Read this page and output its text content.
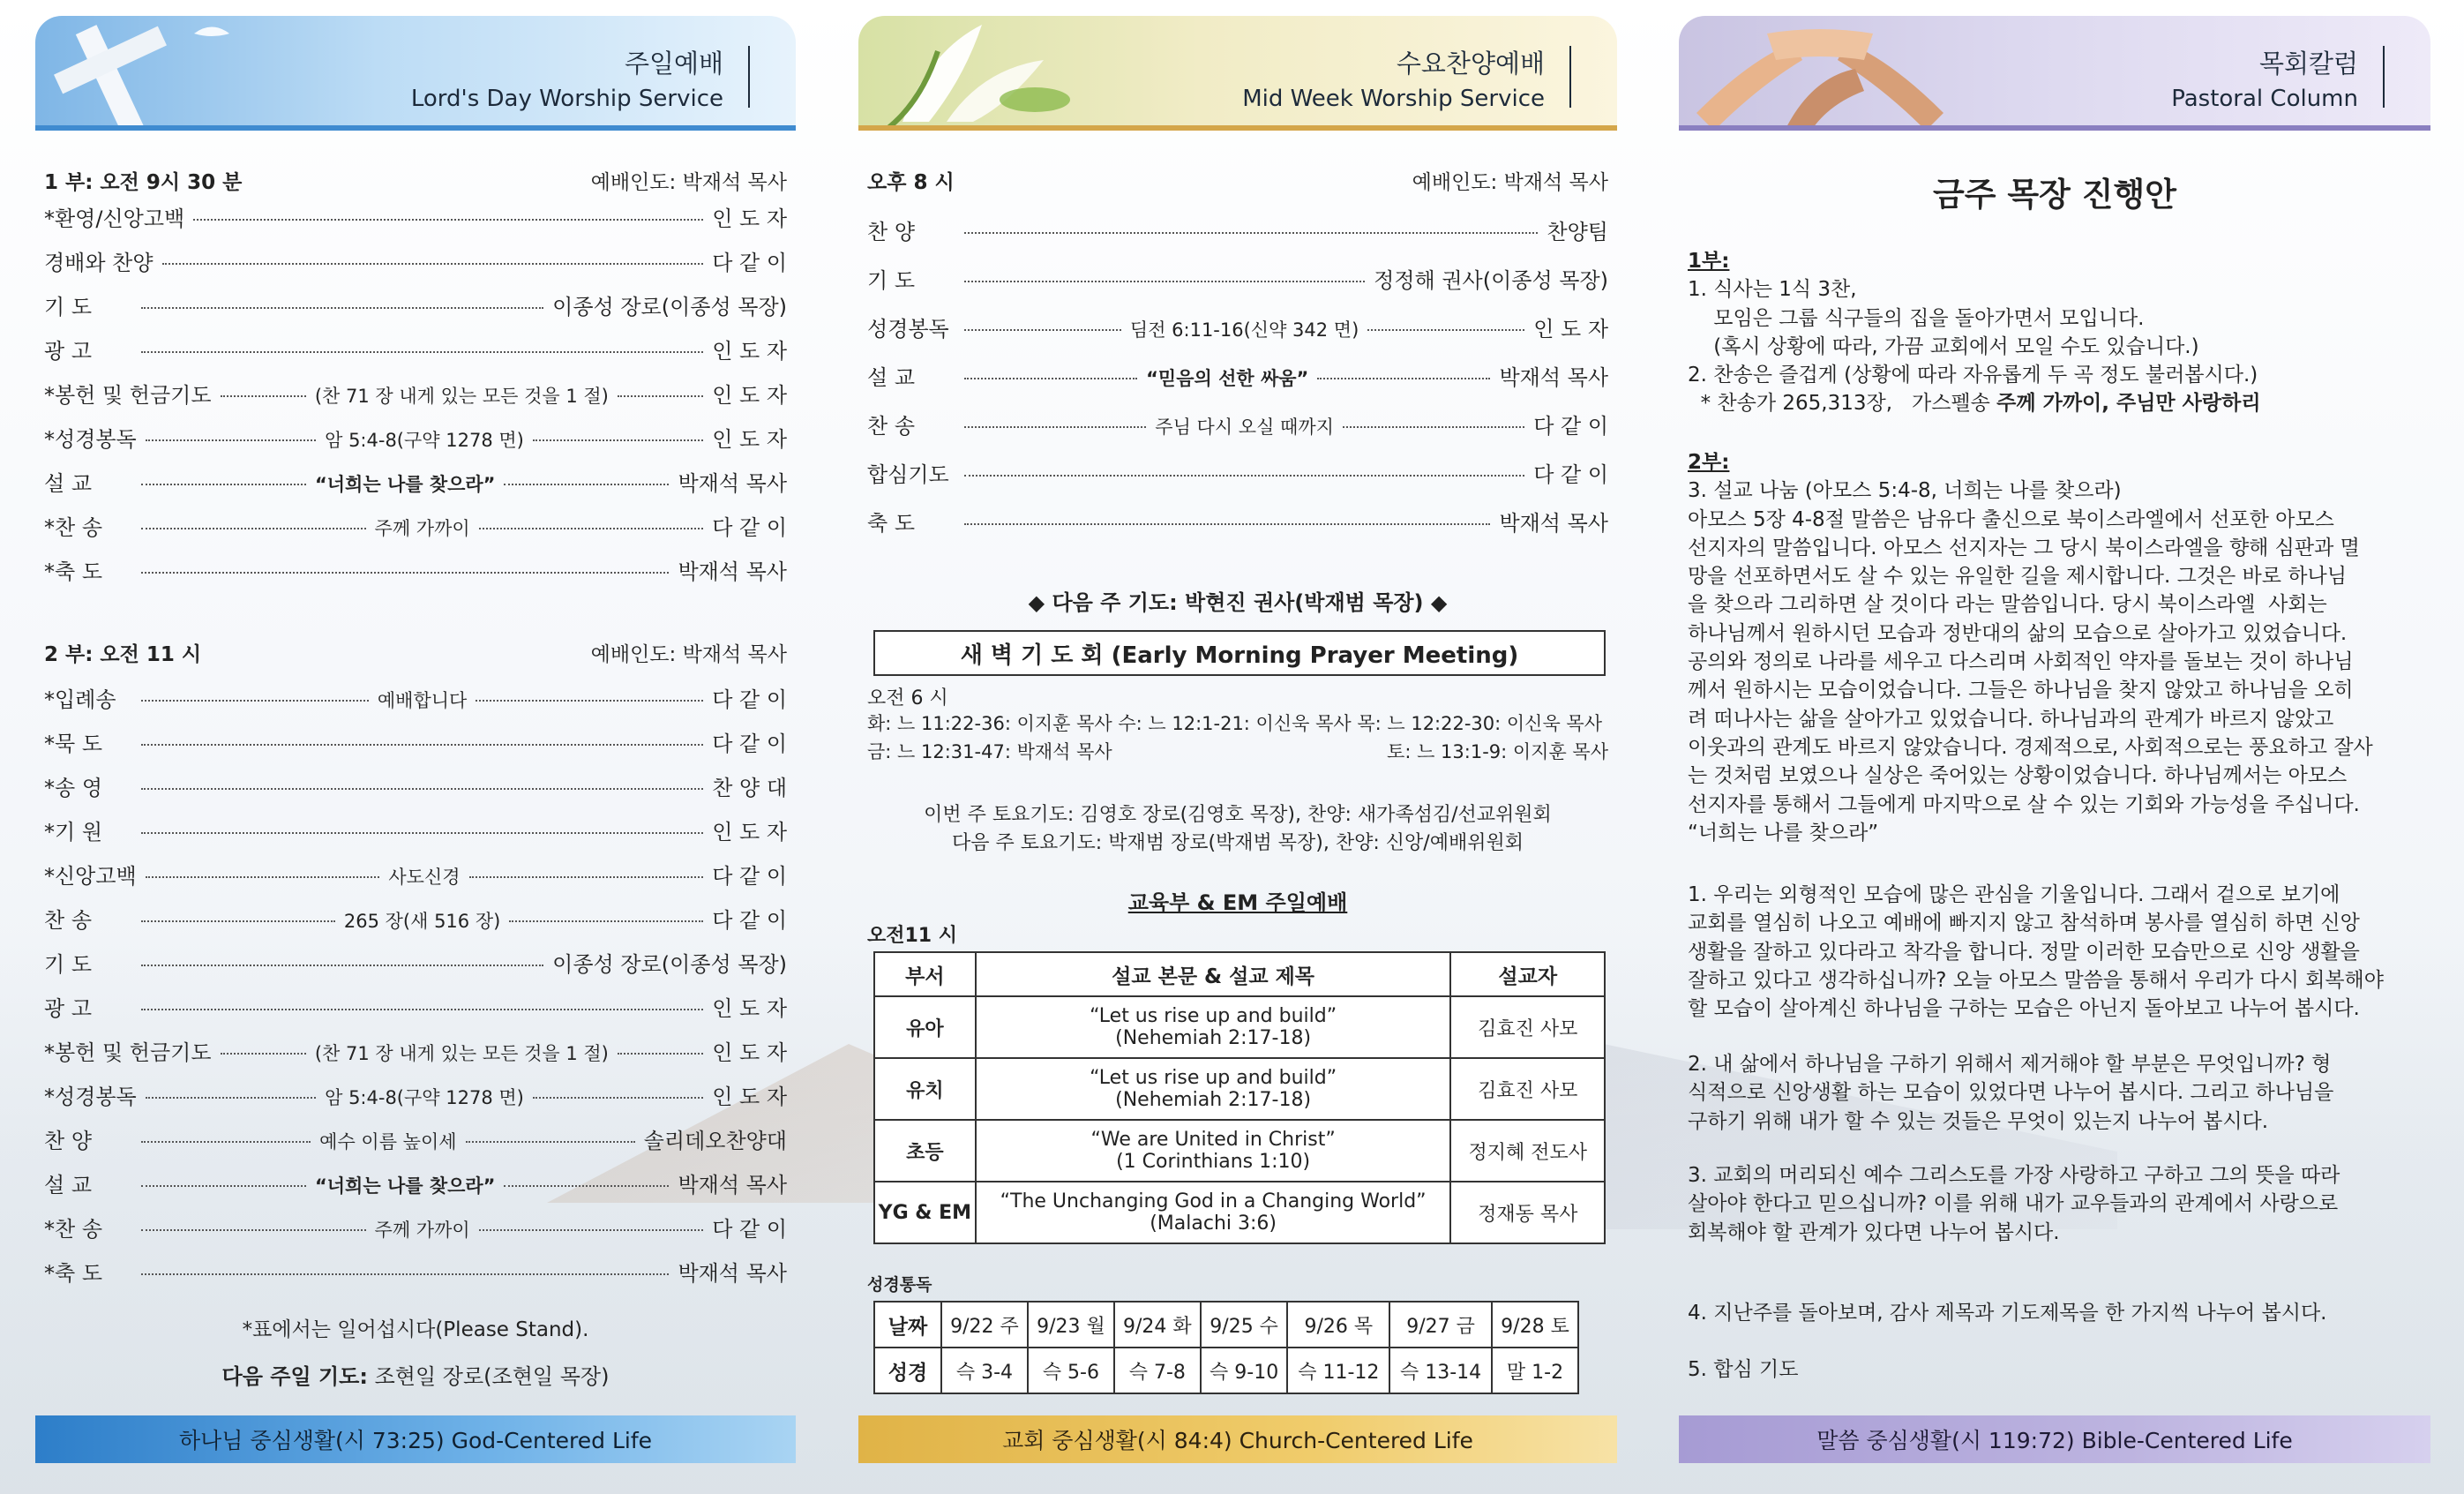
주일예배
Lord's Day Worship Service
1 부: 오전 9시 30 분	예배인도: 박재석 목사
*환영/신앙고백	인 도 자
경배와 찬양	다 같 이
기 도	이종성 장로(이종성 목장)
광 고	인 도 자
*봉헌 및 헌금기도	(찬 71 장 내게 있는 모든 것을 1 절)	인 도 자
*성경봉독	암 5:4-8(구약 1278 면)	인 도 자
설 교	“너희는 나를 찾으라”	박재석 목사
*찬 송	주께 가까이	다 같 이
*축 도	박재석 목사
2 부: 오전 11 시	예배인도: 박재석 목사
*입례송	예배합니다	다 같 이
*묵 도	다 같 이
*송 영	찬 양 대
*기 원	인 도 자
*신앙고백	사도신경	다 같 이
찬 송	265 장(새 516 장)	다 같 이
기 도	이종성 장로(이종성 목장)
광 고	인 도 자
*봉헌 및 헌금기도	(찬 71 장 내게 있는 모든 것을 1 절)	인 도 자
*성경봉독	암 5:4-8(구약 1278 면)	인 도 자
찬 양	예수 이름 높이세	솔리데오찬양대
설 교	“너희는 나를 찾으라”	박재석 목사
*찬 송	주께 가까이	다 같 이
*축 도	박재석 목사
*표에서는 일어섭시다(Please Stand).
다음 주일 기도: 조현일 장로(조현일 목장)
하나님 중심생활(시 73:25) God-Centered Life
수요찬양예배
Mid Week Worship Service
오후 8 시	예배인도: 박재석 목사
찬 양	찬양팀
기 도	정정해 권사(이종성 목장)
성경봉독	딤전 6:11-16(신약 342 면)	인 도 자
설 교	“믿음의 선한 싸움”	박재석 목사
찬 송	주님 다시 오실 때까지	다 같 이
합심기도	다 같 이
축 도	박재석 목사
◆ 다음 주 기도: 박현진 권사(박재범 목장) ◆
새 벽 기 도 회 (Early Morning Prayer Meeting)
오전 6 시
화: 느 11:22-36: 이지훈 목사 수: 느 12:1-21: 이신욱 목사 목: 느 12:22-30: 이신욱 목사
금: 느 12:31-47: 박재석 목사	토: 느 13:1-9: 이지훈 목사
이번 주 토요기도: 김영호 장로(김영호 목장), 찬양: 새가족섬김/선교위원회
다음 주 토요기도: 박재범 장로(박재범 목장), 찬양: 신앙/예배위원회
교육부 & EM 주일예배
오전11 시
부서	설교 본문 & 설교 제목	설교자
유아	“Let us rise up and build”
(Nehemiah 2:17-18)	김효진 사모
유치	“Let us rise up and build”
(Nehemiah 2:17-18)	김효진 사모
초등	“We are United in Christ”
(1 Corinthians 1:10)	정지혜 전도사
YG & EM	“The Unchanging God in a Changing World”
(Malachi 3:6)	정재동 목사
성경통독
날짜	9/22 주	9/23 월	9/24 화	9/25 수	9/26 목	9/27 금	9/28 토
성경	슥 3-4	슥 5-6	슥 7-8	슥 9-10	슥 11-12	슥 13-14	말 1-2
교회 중심생활(시 84:4) Church-Centered Life
목회칼럼
Pastoral Column
금주 목장 진행안
1부:
1. 식사는 1식 3찬,
모임은 그룹 식구들의 집을 돌아가면서 모입니다.
(혹시 상황에 따라, 가끔 교회에서 모일 수도 있습니다.)
2. 찬송은 즐겁게 (상황에 따라 자유롭게 두 곡 정도 불러봅시다.)
* 찬송가 265,313장,   가스펠송 주께 가까이, 주님만 사랑하리
2부:
3. 설교 나눔 (아모스 5:4-8, 너희는 나를 찾으라)
아모스 5장 4-8절 말씀은 남유다 출신으로 북이스라엘에서 선포한 아모스
선지자의 말씀입니다. 아모스 선지자는 그 당시 북이스라엘을 향해 심판과 멸
망을 선포하면서도 살 수 있는 유일한 길을 제시합니다. 그것은 바로 하나님
을 찾으라 그리하면 살 것이다 라는 말씀입니다. 당시 북이스라엘  사회는
하나님께서 원하시던 모습과 정반대의 삶의 모습으로 살아가고 있었습니다.
공의와 정의로 나라를 세우고 다스리며 사회적인 약자를 돌보는 것이 하나님
께서 원하시는 모습이었습니다. 그들은 하나님을 찾지 않았고 하나님을 오히
려 떠나사는 삶을 살아가고 있었습니다. 하나님과의 관계가 바르지 않았고
이웃과의 관계도 바르지 않았습니다. 경제적으로, 사회적으로는 풍요하고 잘사
는 것처럼 보였으나 실상은 죽어있는 상황이었습니다. 하나님께서는 아모스
선지자를 통해서 그들에게 마지막으로 살 수 있는 기회와 가능성을 주십니다.
“너희는 나를 찾으라”
1. 우리는 외형적인 모습에 많은 관심을 기울입니다. 그래서 겉으로 보기에
교회를 열심히 나오고 예배에 빠지지 않고 참석하며 봉사를 열심히 하면 신앙
생활을 잘하고 있다라고 착각을 합니다. 정말 이러한 모습만으로 신앙 생활을
잘하고 있다고 생각하십니까? 오늘 아모스 말씀을 통해서 우리가 다시 회복해야
할 모습이 살아계신 하나님을 구하는 모습은 아닌지 돌아보고 나누어 봅시다.
2. 내 삶에서 하나님을 구하기 위해서 제거해야 할 부분은 무엇입니까? 형
식적으로 신앙생활 하는 모습이 있었다면 나누어 봅시다. 그리고 하나님을
구하기 위해 내가 할 수 있는 것들은 무엇이 있는지 나누어 봅시다.
3. 교회의 머리되신 예수 그리스도를 가장 사랑하고 구하고 그의 뜻을 따라
살아야 한다고 믿으십니까? 이를 위해 내가 교우들과의 관계에서 사랑으로
회복해야 할 관계가 있다면 나누어 봅시다.
4. 지난주를 돌아보며, 감사 제목과 기도제목을 한 가지씩 나누어 봅시다.
5. 합심 기도
말씀 중심생활(시 119:72) Bible-Centered Life
